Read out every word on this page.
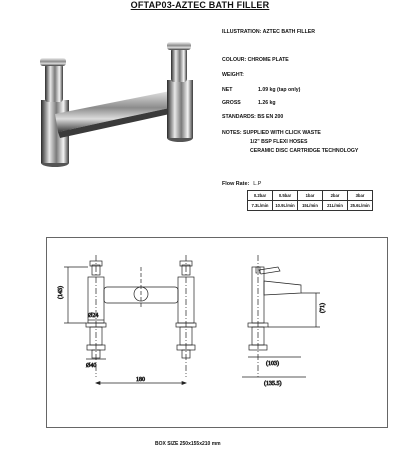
OFTAP03-AZTEC BATH FILLER
ILLUSTRATION: AZTEC BATH FILLER
COLOUR: CHROME PLATE
WEIGHT:
NET	1.09 kg (tap only)
GROSS	1.26 kg
STANDARDS: BS EN 200
NOTES: SUPPLIED WITH CLICK WASTE
1/2" BSP FLEXI HOSES
CERAMIC DISC CARTRIDGE TECHNOLOGY
Flow Rate: L.P
0.2bar	0.5bar	1bar	2bar	3bar
7.3L/min	10.9L/min	15L/min	21L/min	25.6L/min
(143)
Ø24
Ø40
180
(71)
(103)
(135.5)
BOX SIZE 250x155x210 mm
